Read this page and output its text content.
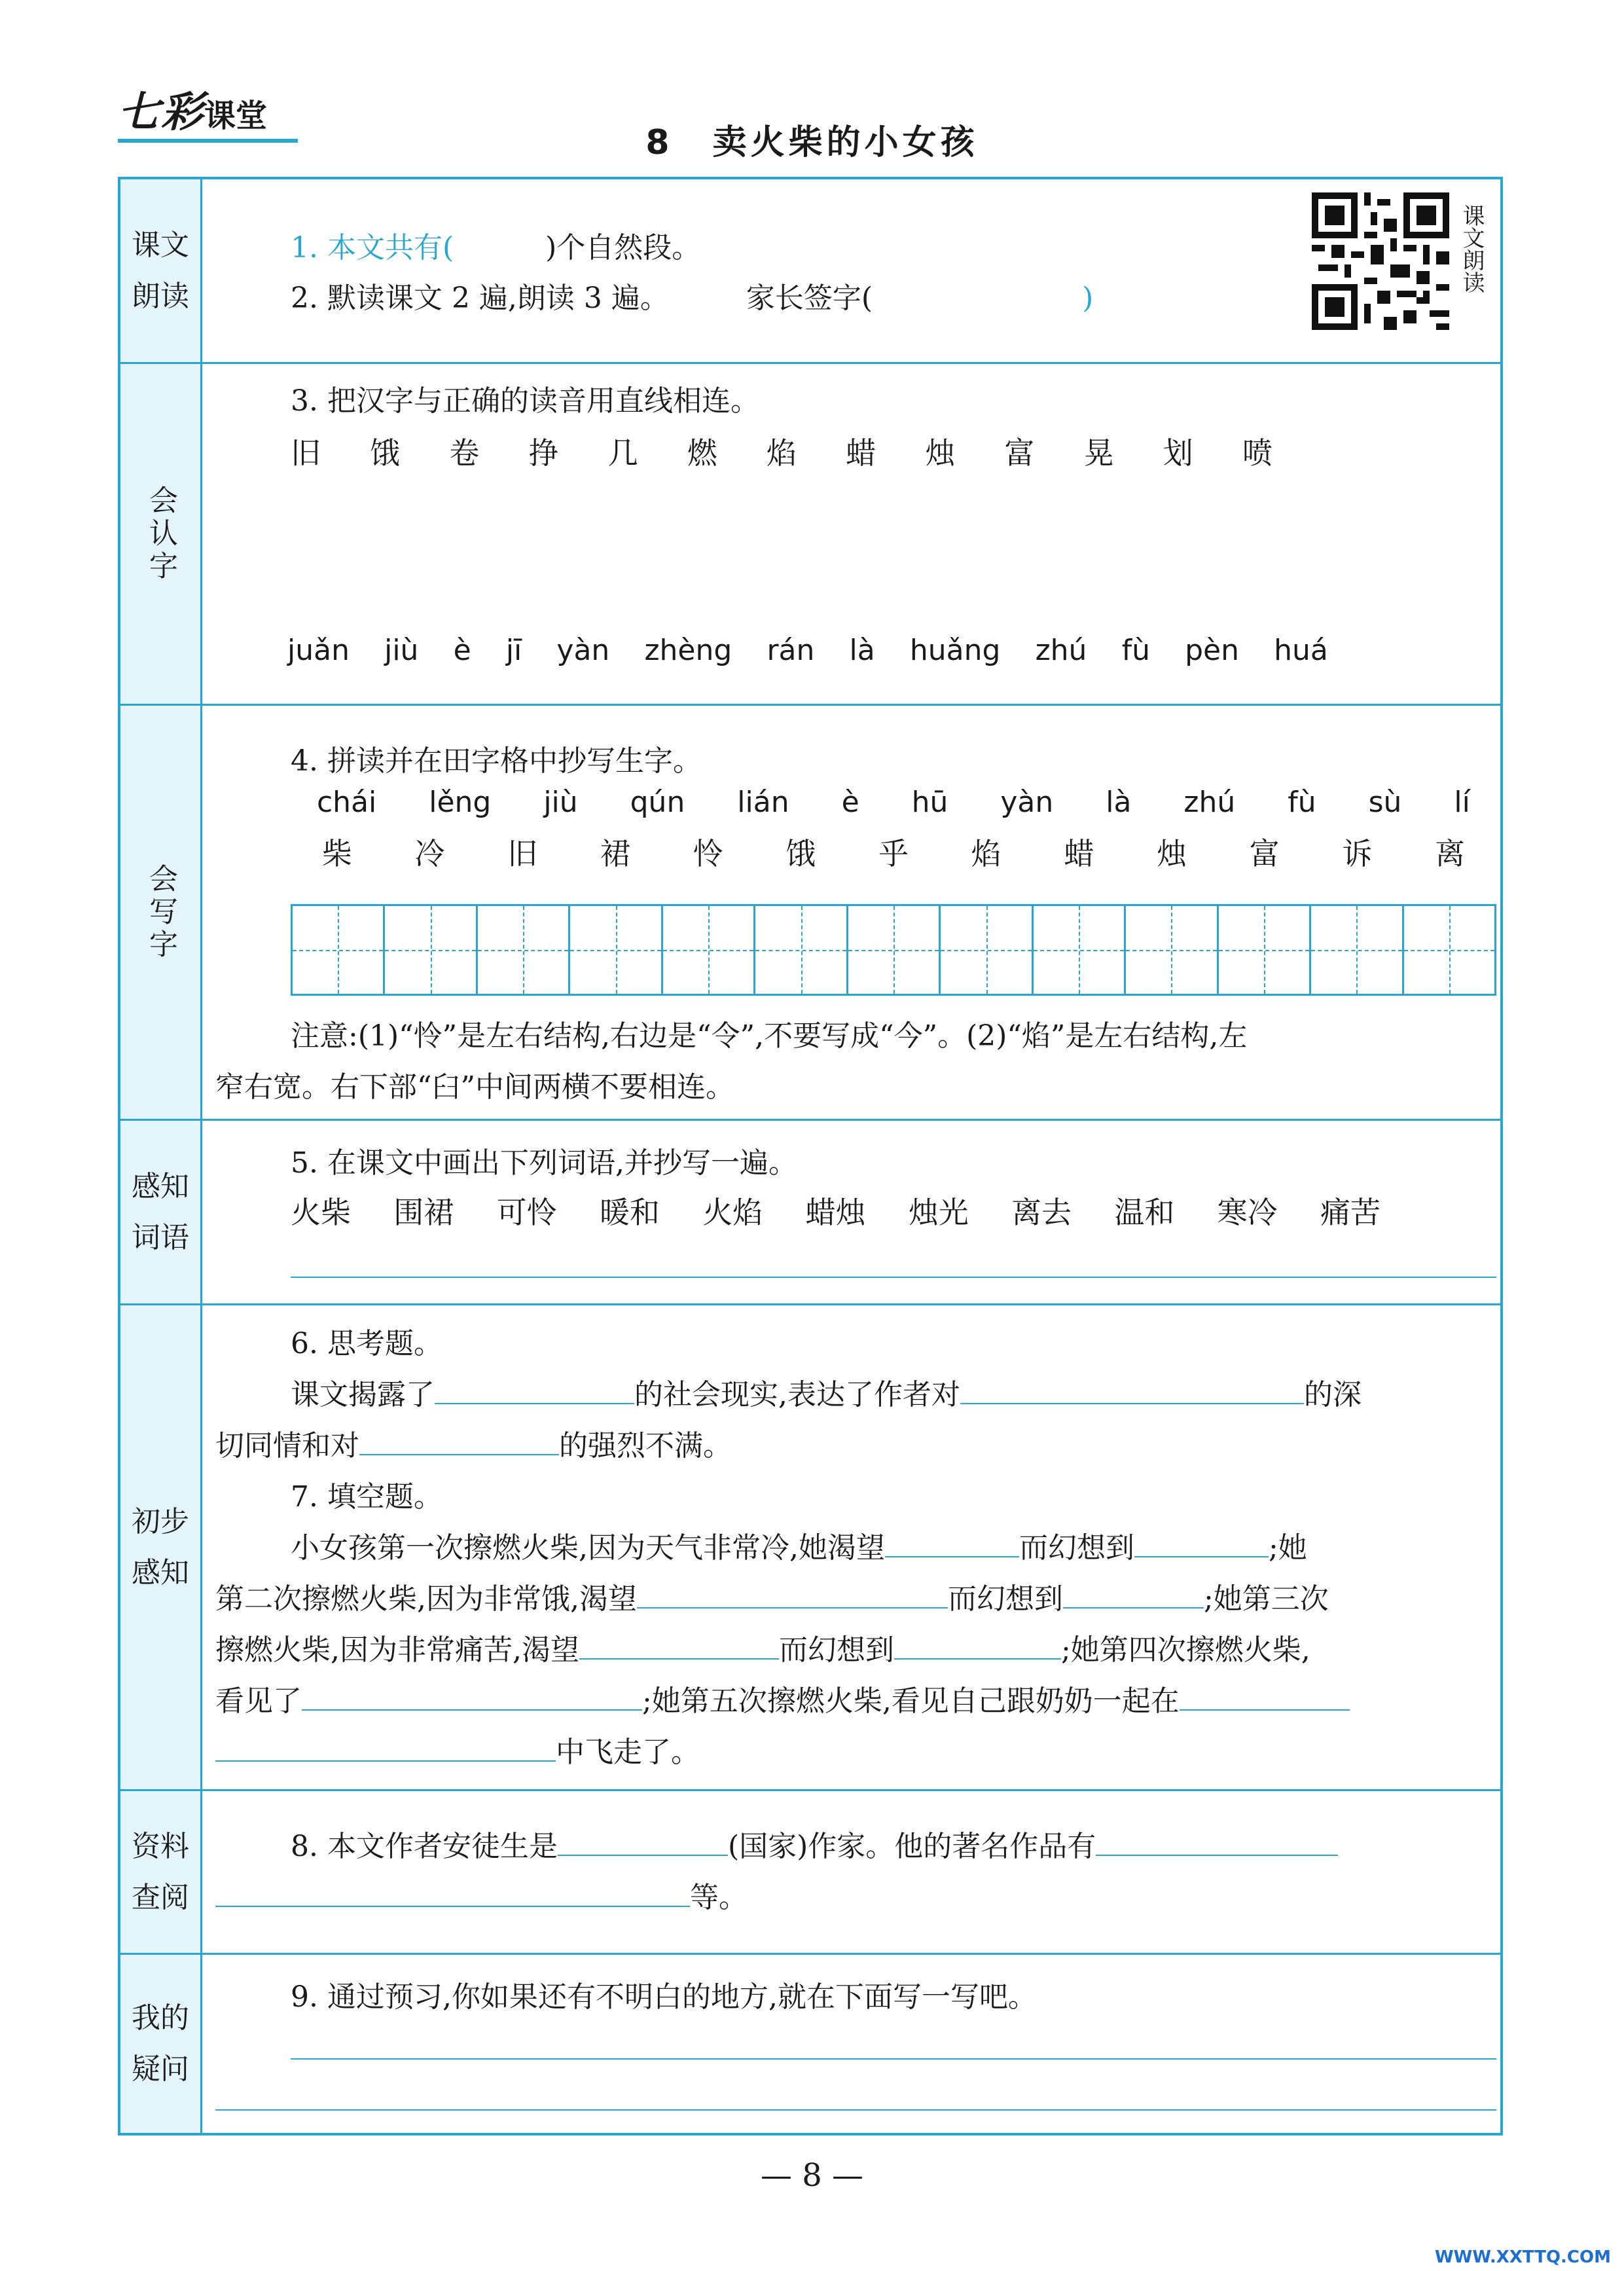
七彩课堂
8 卖火柴的小女孩
课文朗读
1. 本文共有(	)个自然段。
2. 默读课文 2 遍,朗读 3 遍。	家长签字(	)
课文朗读
会认字
3. 把汉字与正确的读音用直线相连。
旧 饿 卷 挣 几 燃 焰 蜡 烛 富 晃 划 喷
juǎn jiù è jī yàn zhèng rán là huǎng zhú fù pèn huá
会写字
4. 拼读并在田字格中抄写生字。
chái lěng jiù qún lián è hū yàn là zhú fù sù lí
柴 冷 旧 裙 怜 饿 乎 焰 蜡 烛 富 诉 离
注意:(1)“怜”是左右结构,右边是“令”,不要写成“今”。(2)“焰”是左右结构,左
窄右宽。右下部“臼”中间两横不要相连。
感知词语
5. 在课文中画出下列词语,并抄写一遍。
火柴 围裙 可怜 暖和 火焰 蜡烛 烛光 离去 温和 寒冷 痛苦
初步感知
6. 思考题。
课文揭露了	的社会现实,表达了作者对	的深
切同情和对	的强烈不满。
7. 填空题。
小女孩第一次擦燃火柴,因为天气非常冷,她渴望	而幻想到	;她
第二次擦燃火柴,因为非常饿,渴望	而幻想到	;她第三次
擦燃火柴,因为非常痛苦,渴望	而幻想到	;她第四次擦燃火柴,
看见了	;她第五次擦燃火柴,看见自己跟奶奶一起在
中飞走了。
资料查阅
8. 本文作者安徒生是	(国家)作家。他的著名作品有
等。
我的疑问
9. 通过预习,你如果还有不明白的地方,就在下面写一写吧。
— 8 —
WWW.XXTTQ.COM
